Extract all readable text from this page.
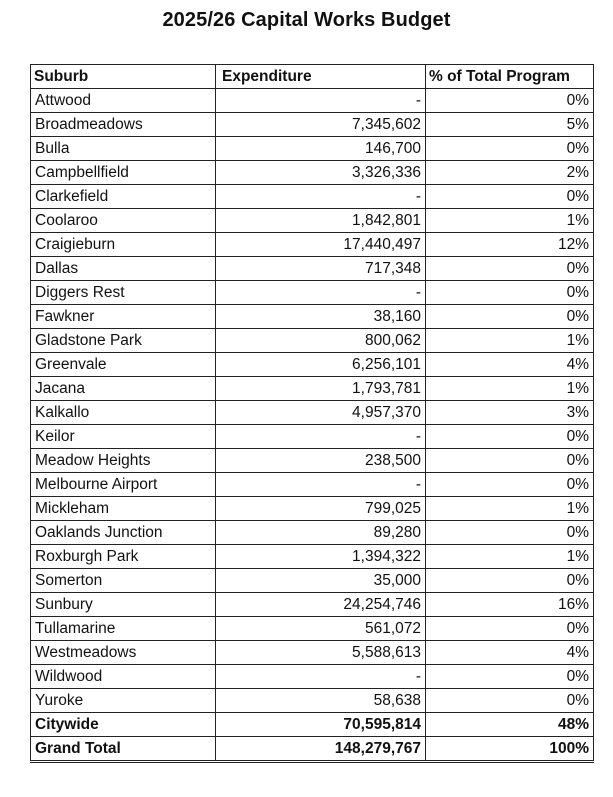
2025/26 Capital Works Budget
Suburb	Expenditure	% of Total Program
Attwood	-	0%
Broadmeadows	7,345,602	5%
Bulla	146,700	0%
Campbellfield	3,326,336	2%
Clarkefield	-	0%
Coolaroo	1,842,801	1%
Craigieburn	17,440,497	12%
Dallas	717,348	0%
Diggers Rest	-	0%
Fawkner	38,160	0%
Gladstone Park	800,062	1%
Greenvale	6,256,101	4%
Jacana	1,793,781	1%
Kalkallo	4,957,370	3%
Keilor	-	0%
Meadow Heights	238,500	0%
Melbourne Airport	-	0%
Mickleham	799,025	1%
Oaklands Junction	89,280	0%
Roxburgh Park	1,394,322	1%
Somerton	35,000	0%
Sunbury	24,254,746	16%
Tullamarine	561,072	0%
Westmeadows	5,588,613	4%
Wildwood	-	0%
Yuroke	58,638	0%
Citywide	70,595,814	48%
Grand Total	148,279,767	100%
